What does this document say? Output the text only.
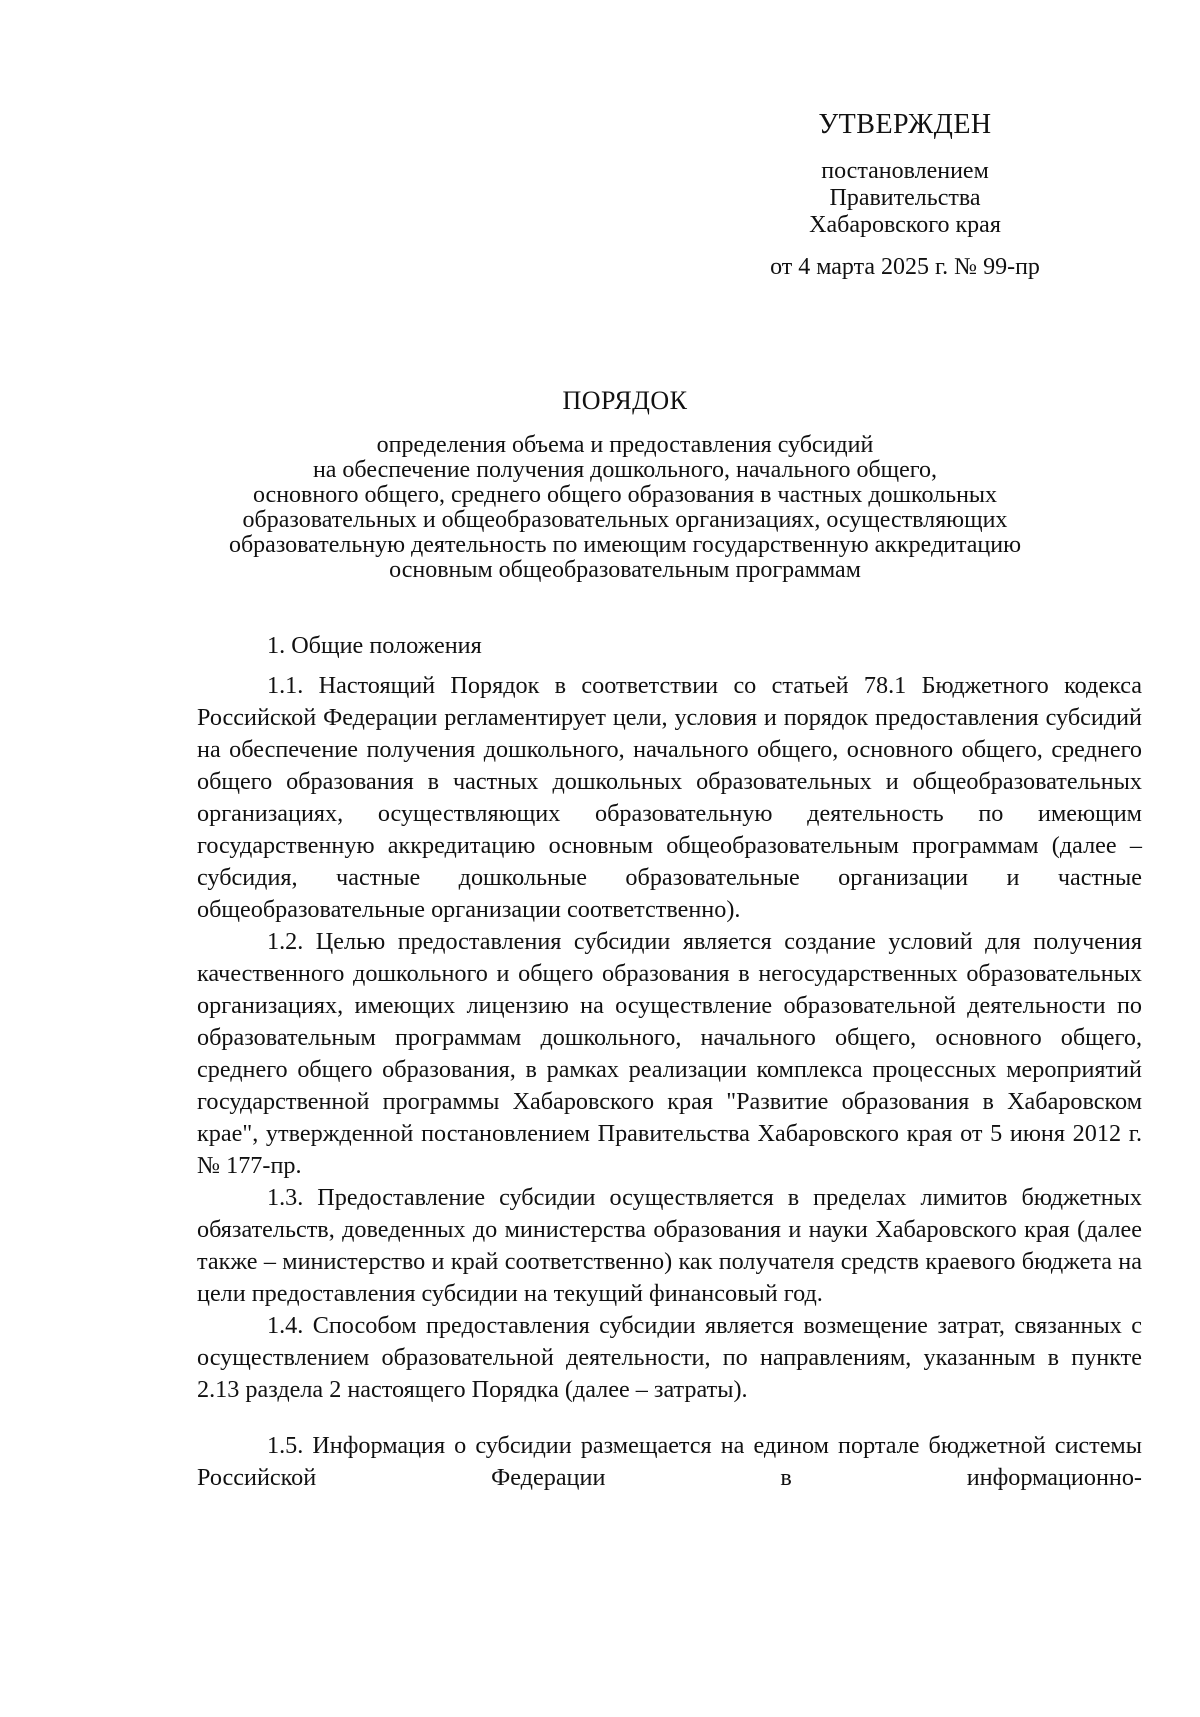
УТВЕРЖДЕН
постановлением
Правительства
Хабаровского края
от 4 марта 2025 г. № 99-пр
ПОРЯДОК
определения объема и предоставления субсидий
на обеспечение получения дошкольного, начального общего,
основного общего, среднего общего образования в частных дошкольных
образовательных и общеобразовательных организациях, осуществляющих
образовательную деятельность по имеющим государственную аккредитацию
основным общеобразовательным программам
1. Общие положения

1.1. Настоящий Порядок в соответствии со статьей 78.1 Бюджетного кодекса Российской Федерации регламентирует цели, условия и порядок предоставления субсидий на обеспечение получения дошкольного, начального общего, основного общего, среднего общего образования в частных дошкольных образовательных и общеобразовательных организациях, осуществляющих образовательную деятельность по имеющим государственную аккредитацию основным общеобразовательным программам (далее – субсидия, частные дошкольные образовательные организации и частные общеобразовательные организации соответственно).

1.2. Целью предоставления субсидии является создание условий для получения качественного дошкольного и общего образования в негосударственных образовательных организациях, имеющих лицензию на осуществление образовательной деятельности по образовательным программам дошкольного, начального общего, основного общего, среднего общего образования, в рамках реализации комплекса процессных мероприятий государственной программы Хабаровского края "Развитие образования в Хабаровском крае", утвержденной постановлением Правительства Хабаровского края от 5 июня 2012 г. № 177-пр.

1.3. Предоставление субсидии осуществляется в пределах лимитов бюджетных обязательств, доведенных до министерства образования и науки Хабаровского края (далее также – министерство и край соответственно) как получателя средств краевого бюджета на цели предоставления субсидии на текущий финансовый год.

1.4. Способом предоставления субсидии является возмещение затрат, связанных с осуществлением образовательной деятельности, по направлениям, указанным в пункте 2.13 раздела 2 настоящего Порядка (далее – затраты).

1.5. Информация о субсидии размещается на едином портале бюджетной системы Российской Федерации в информационно-
